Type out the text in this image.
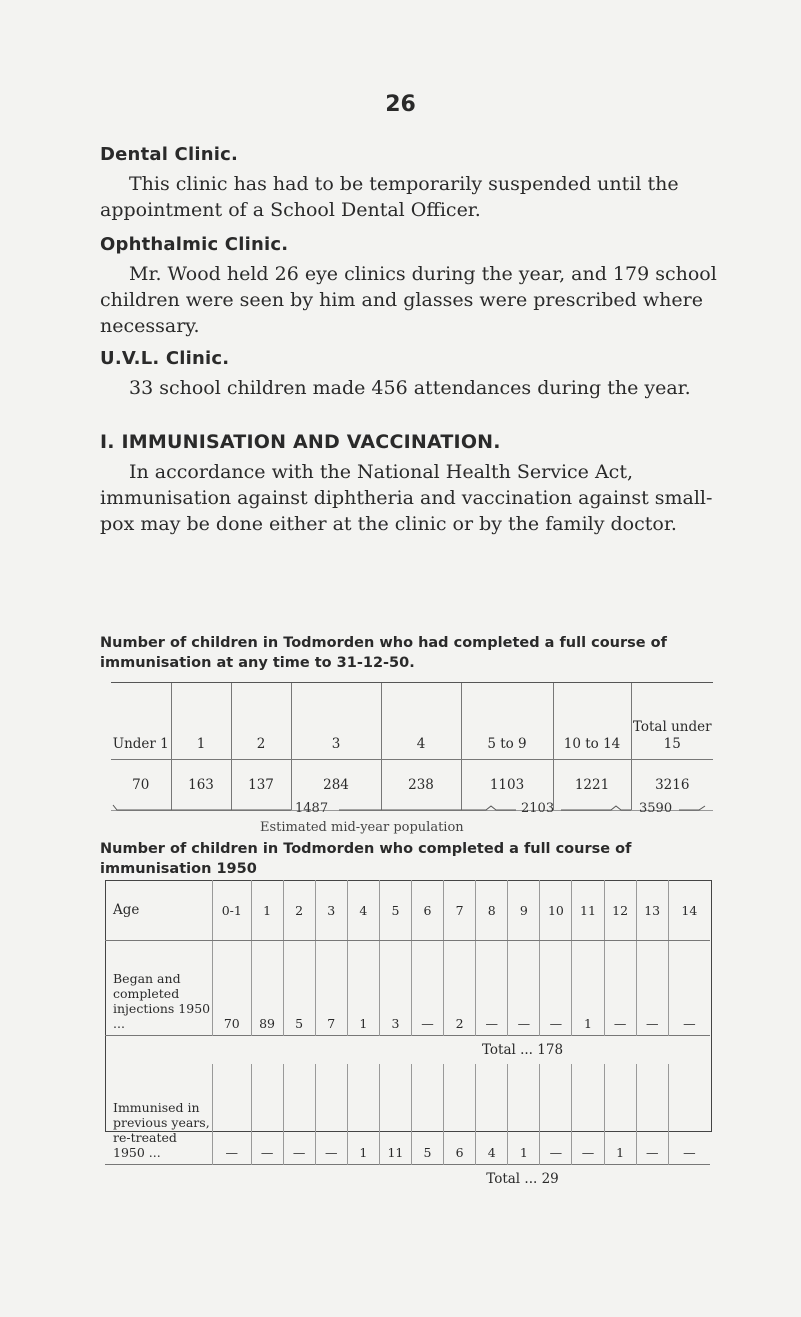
26
Dental Clinic.

This clinic has had to be temporarily suspended until the appointment of a School Dental Officer.

Ophthalmic Clinic.

Mr. Wood held 26 eye clinics during the year, and 179 school children were seen by him and glasses were prescribed where necessary.

U.V.L. Clinic.

33 school children made 456 attendances during the year.

I. IMMUNISATION AND VACCINATION.

In accordance with the National Health Service Act, immunisation against diphtheria and vaccination against small-pox may be done either at the clinic or by the family doctor.

Number of children in Todmorden who had completed a full course of immunisation at any time to 31-12-50.
Under 1	1	2	3	4	5 to 9	10 to 14	Total under 15
70	163	137	284	238	1103	1221	3216
1487	2103	3590
Estimated mid-year population
Number of children in Todmorden who completed a full course of immunisation 1950
Age	0-1	1	2	3	4	5	6	7	8	9	10	11	12	13	14
Began and completed injections 1950 ...	70	89	5	7	1	3	—	2	—	—	—	1	—	—	—
Total ... 178															
Immunised in previous years, re-treated 1950 ...	—	—	—	—	1	11	5	6	4	1	—	—	1	—	—
Total ... 29															
